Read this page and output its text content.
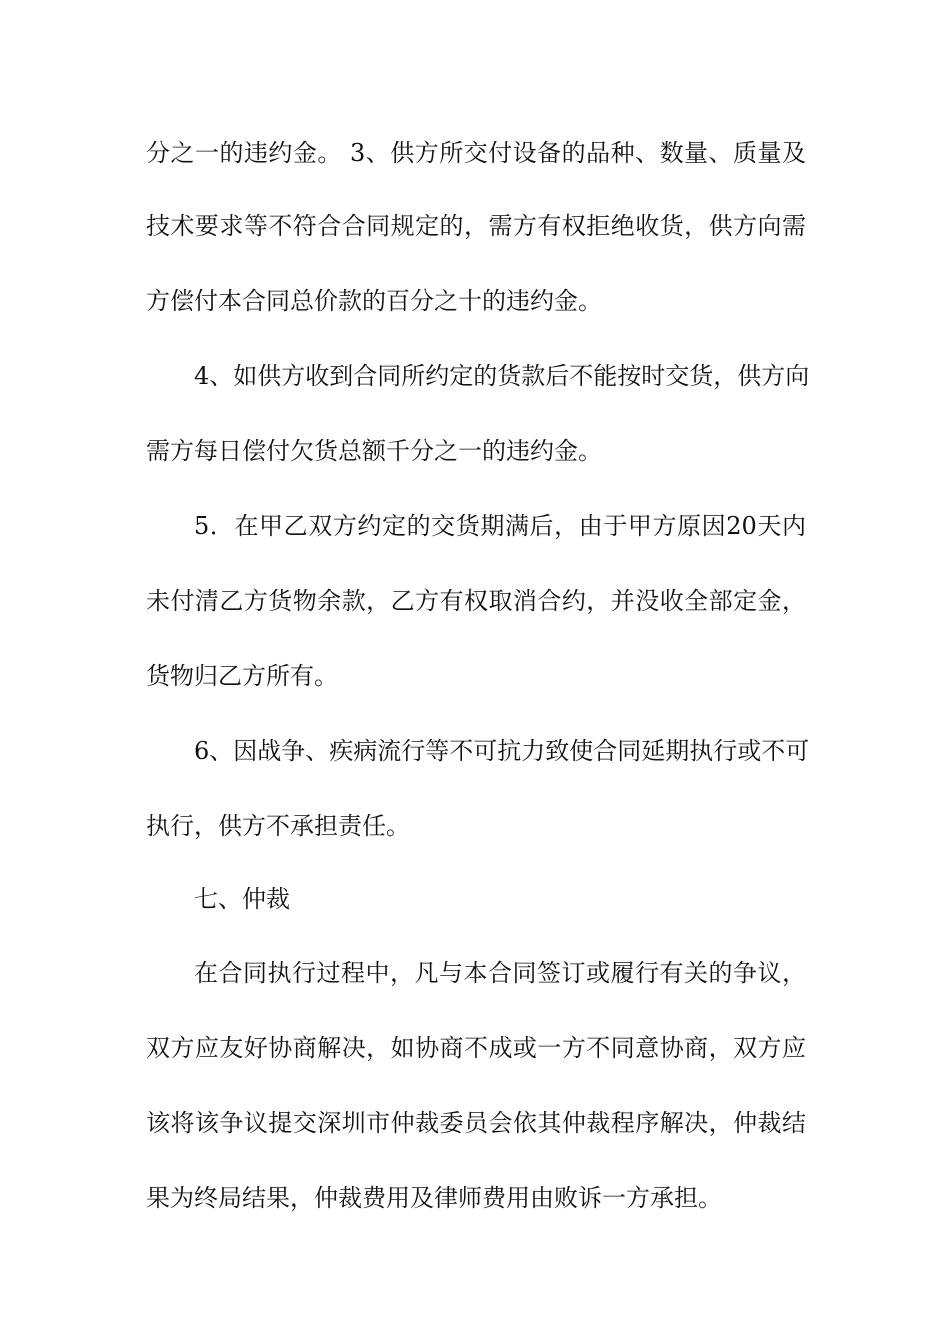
分之一的违约金。 3、供方所交付设备的品种、数量、质量及
技术要求等不符合合同规定的，需方有权拒绝收货，供方向需
方偿付本合同总价款的百分之十的违约金。
4、如供方收到合同所约定的货款后不能按时交货，供方向
需方每日偿付欠货总额千分之一的违约金。
5．在甲乙双方约定的交货期满后，由于甲方原因20天内
未付清乙方货物余款，乙方有权取消合约，并没收全部定金，
货物归乙方所有。
6、因战争、疾病流行等不可抗力致使合同延期执行或不可
执行，供方不承担责任。
七、仲裁
在合同执行过程中，凡与本合同签订或履行有关的争议，
双方应友好协商解决，如协商不成或一方不同意协商，双方应
该将该争议提交深圳市仲裁委员会依其仲裁程序解决，仲裁结
果为终局结果，仲裁费用及律师费用由败诉一方承担。
